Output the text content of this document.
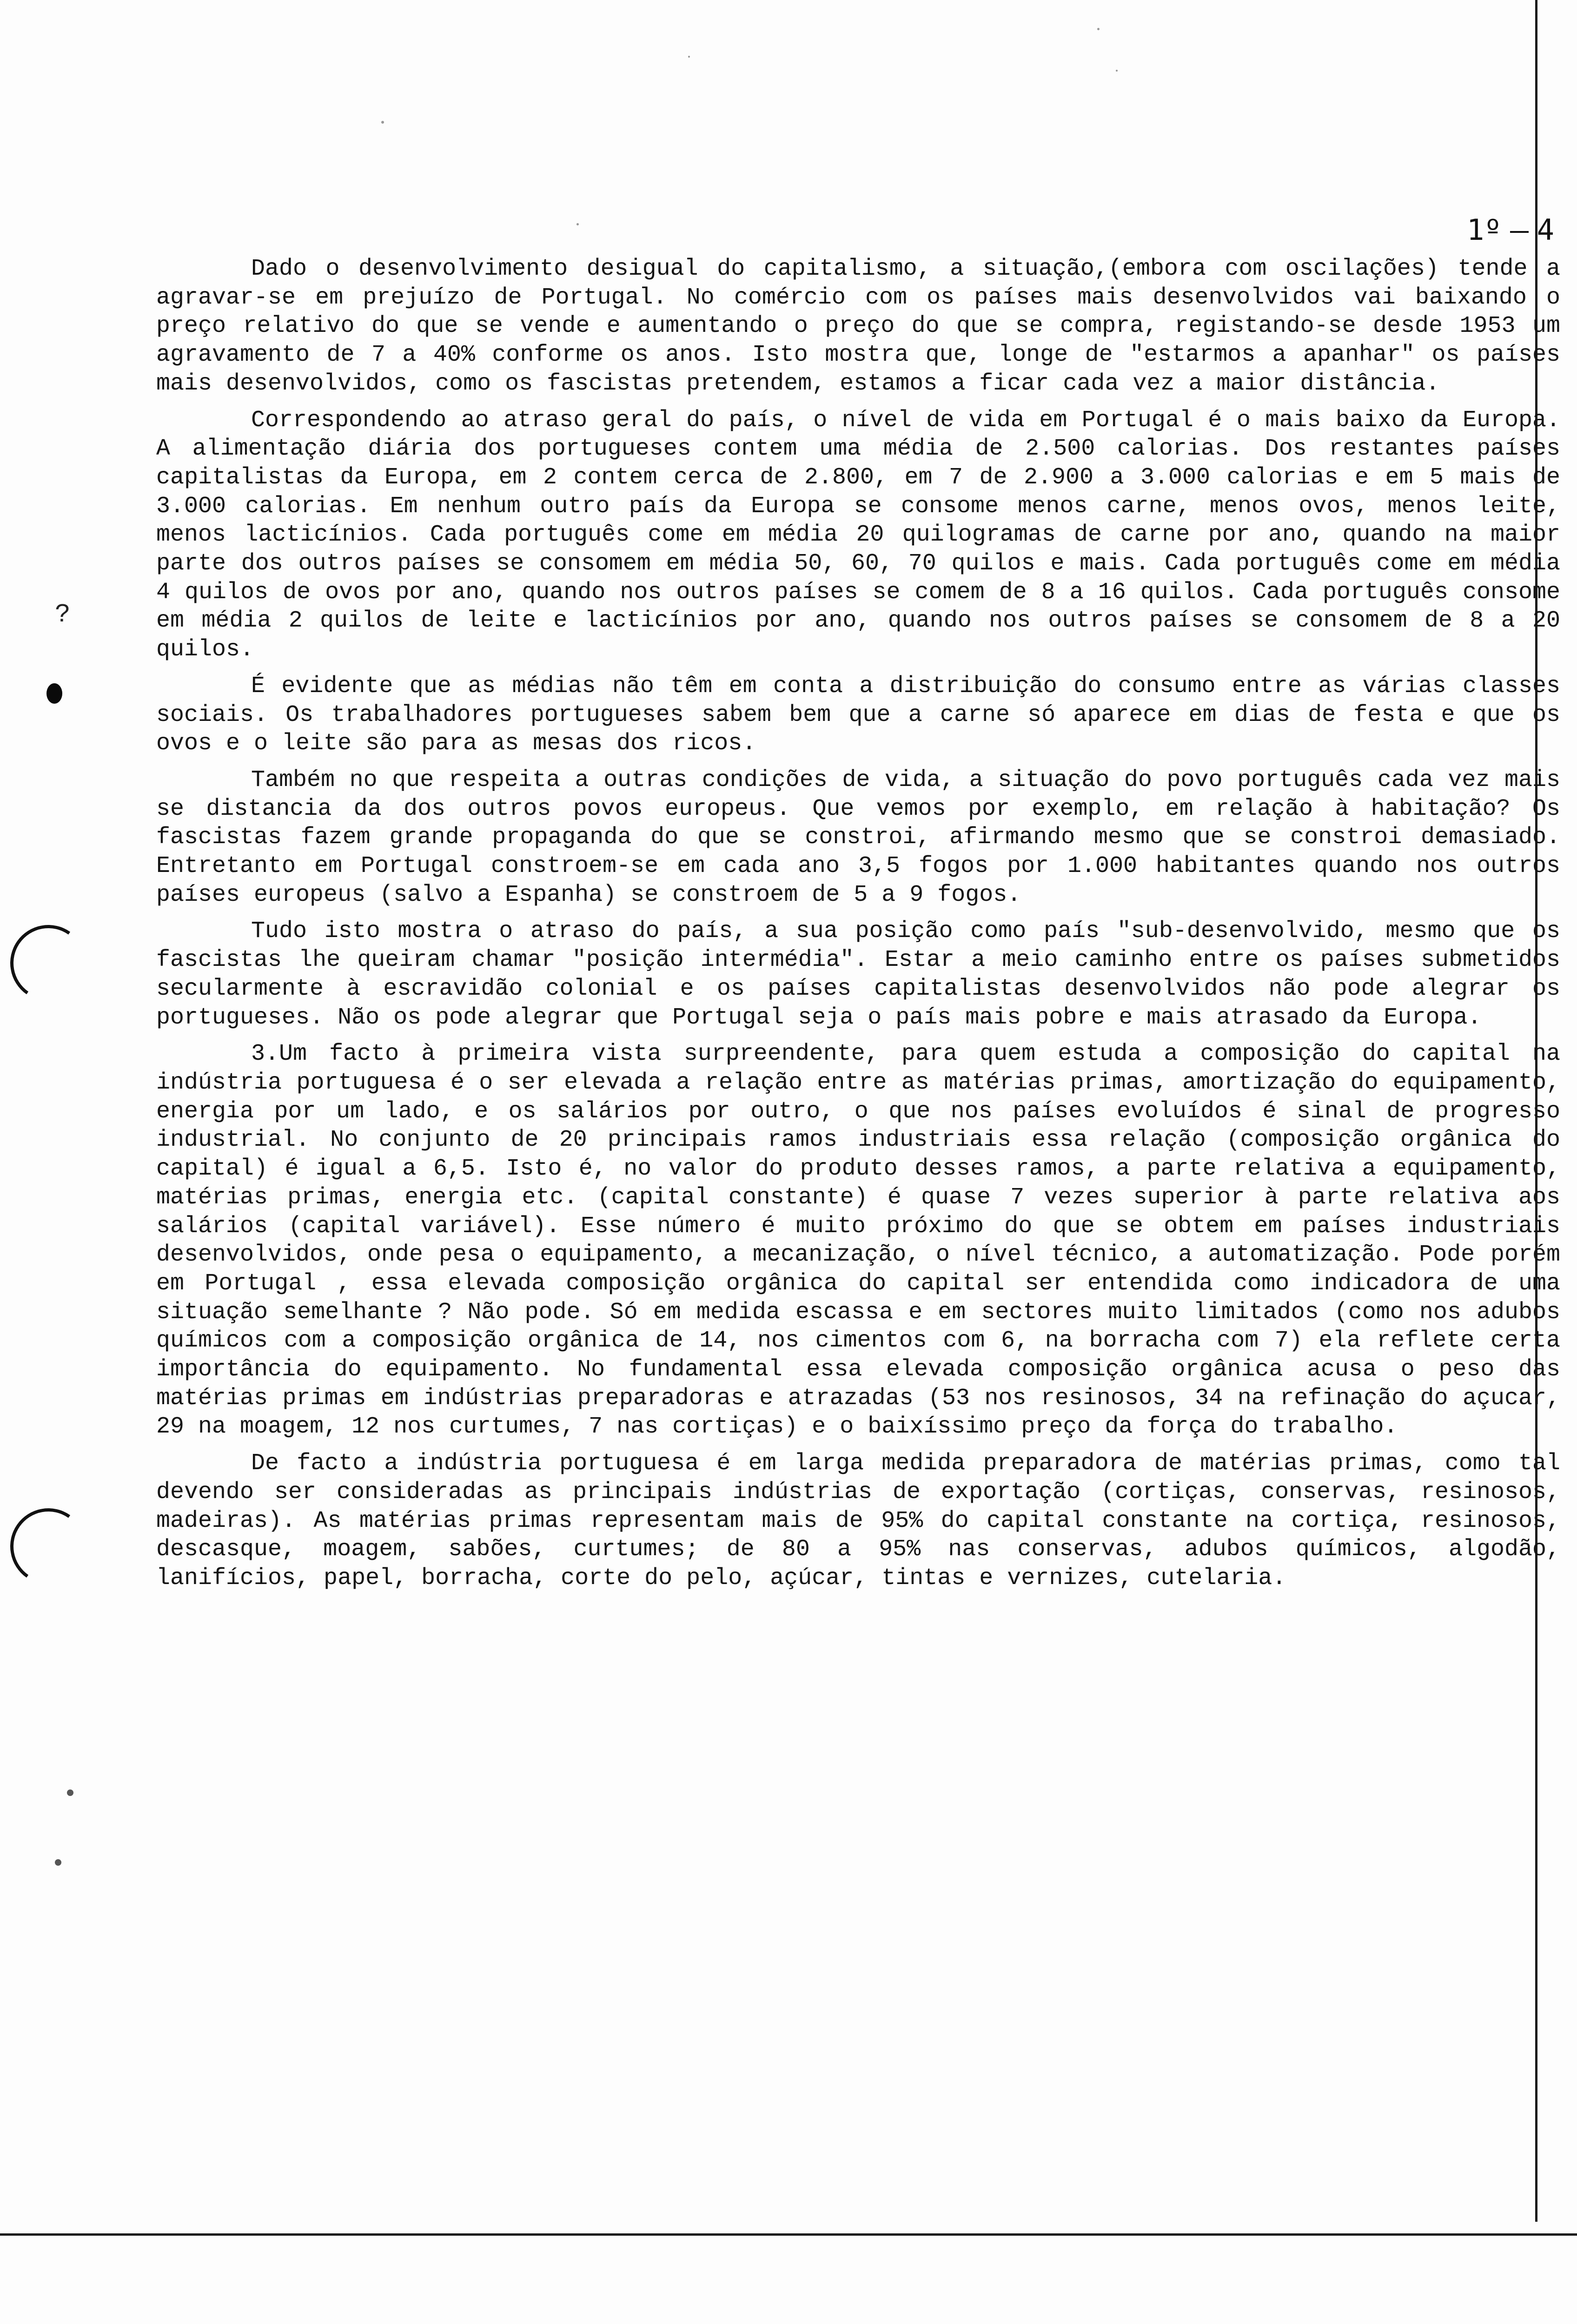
1º 4
?

Dado o desenvolvimento desigual do capitalismo, a situação,(embora com oscilações) tende a agravar-se em prejuízo de Portugal. No comércio com os países mais desenvolvidos vai baixando o preço relativo do que se vende e aumentando o preço do que se compra, registando-se desde 1953 um agravamento de 7 a 40% conforme os anos. Isto mostra que, longe de "estarmos a apanhar" os países mais desenvolvidos, como os fascistas pretendem, estamos a ficar cada vez a maior distância.

Correspondendo ao atraso geral do país, o nível de vida em Portugal é o mais baixo da Europa. A alimentação diária dos portugueses contem uma média de 2.500 calorias. Dos restantes países capitalistas da Europa, em 2 contem cerca de 2.800, em 7 de 2.900 a 3.000 calorias e em 5 mais de 3.000 calorias. Em nenhum outro país da Europa se consome menos carne, menos ovos, menos leite, menos lacticínios. Cada português come em média 20 quilogramas de carne por ano, quando na maior parte dos outros países se consomem em média 50, 60, 70 quilos e mais. Cada português come em média 4 quilos de ovos por ano, quando nos outros países se comem de 8 a 16 quilos. Cada português consome em média 2 quilos de leite e lacticínios por ano, quando nos outros países se consomem de 8 a 20 quilos.

É evidente que as médias não têm em conta a distribuição do consumo entre as várias classes sociais. Os trabalhadores portugueses sabem bem que a carne só aparece em dias de festa e que os ovos e o leite são para as mesas dos ricos.

Também no que respeita a outras condições de vida, a situação do povo português cada vez mais se distancia da dos outros povos europeus. Que vemos por exemplo, em relação à habitação? Os fascistas fazem grande propaganda do que se constroi, afirmando mesmo que se constroi demasiado. Entretanto em Portugal constroem-se em cada ano 3,5 fogos por 1.000 habitantes quando nos outros países europeus (salvo a Espanha) se constroem de 5 a 9 fogos.

Tudo isto mostra o atraso do país, a sua posição como país "sub-desenvolvido, mesmo que os fascistas lhe queiram chamar "posição intermédia". Estar a meio caminho entre os países submetidos secularmente à escravidão colonial e os países capitalistas desenvolvidos não pode alegrar os portugueses. Não os pode alegrar que Portugal seja o país mais pobre e mais atrasado da Europa.

3.Um facto à primeira vista surpreendente, para quem estuda a composição do capital na indústria portuguesa é o ser elevada a relação entre as matérias primas, amortização do equipamento, energia por um lado, e os salários por outro, o que nos países evoluídos é sinal de progresso industrial. No conjunto de 20 principais ramos industriais essa relação (composição orgânica do capital) é igual a 6,5. Isto é, no valor do produto desses ramos, a parte relativa a equipamento, matérias primas, energia etc. (capital constante) é quase 7 vezes superior à parte relativa aos salários (capital variável). Esse número é muito próximo do que se obtem em países industriais desenvolvidos, onde pesa o equipamento, a mecanização, o nível técnico, a automatização. Pode porém em Portugal , essa elevada composição orgânica do capital ser entendida como indicadora de uma situação semelhante ? Não pode. Só em medida escassa e em sectores muito limitados (como nos adubos químicos com a composição orgânica de 14, nos cimentos com 6, na borracha com 7) ela reflete certa importância do equipamento. No fundamental essa elevada composição orgânica acusa o peso das matérias primas em indústrias preparadoras e atrazadas (53 nos resinosos, 34 na refinação do açucar, 29 na moagem, 12 nos curtumes, 7 nas cortiças) e o baixíssimo preço da força do trabalho.

De facto a indústria portuguesa é em larga medida preparadora de matérias primas, como tal devendo ser consideradas as principais indústrias de exportação (cortiças, conservas, resinosos, madeiras). As matérias primas representam mais de 95% do capital constante na cortiça, resinosos, descasque, moagem, sabões, curtumes; de 80 a 95% nas conservas, adubos químicos, algodão, lanifícios, papel, borracha, corte do pelo, açúcar, tintas e vernizes, cutelaria.
